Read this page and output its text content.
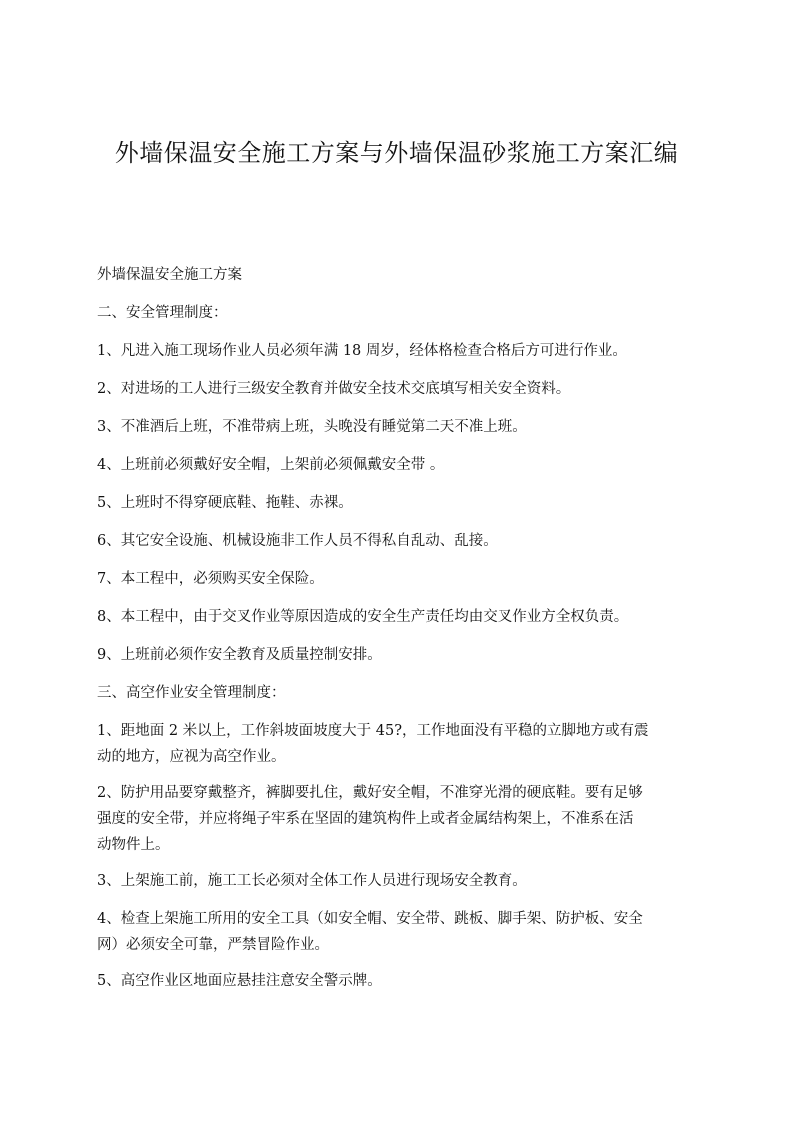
外墙保温安全施工方案与外墙保温砂浆施工方案汇编
外墙保温安全施工方案
二、安全管理制度：
1、凡进入施工现场作业人员必须年满 18 周岁，经体格检查合格后方可进行作业。
2、对进场的工人进行三级安全教育并做安全技术交底填写相关安全资料。
3、不准酒后上班，不准带病上班，头晚没有睡觉第二天不准上班。
4、上班前必须戴好安全帽，上架前必须佩戴安全带 。
5、上班时不得穿硬底鞋、拖鞋、赤裸。
6、其它安全设施、机械设施非工作人员不得私自乱动、乱接。
7、本工程中，必须购买安全保险。
8、本工程中，由于交叉作业等原因造成的安全生产责任均由交叉作业方全权负责。
9、上班前必须作安全教育及质量控制安排。
三、高空作业安全管理制度：
1、距地面 2 米以上，工作斜坡面坡度大于 45?，工作地面没有平稳的立脚地方或有震
动的地方，应视为高空作业。
2、防护用品要穿戴整齐，裤脚要扎住，戴好安全帽，不准穿光滑的硬底鞋。要有足够
强度的安全带，并应将绳子牢系在坚固的建筑构件上或者金属结构架上，不准系在活
动物件上。
3、上架施工前，施工工长必须对全体工作人员进行现场安全教育。
4、检查上架施工所用的安全工具（如安全帽、安全带、跳板、脚手架、防护板、安全
网）必须安全可靠，严禁冒险作业。
5、高空作业区地面应悬挂注意安全警示牌。
